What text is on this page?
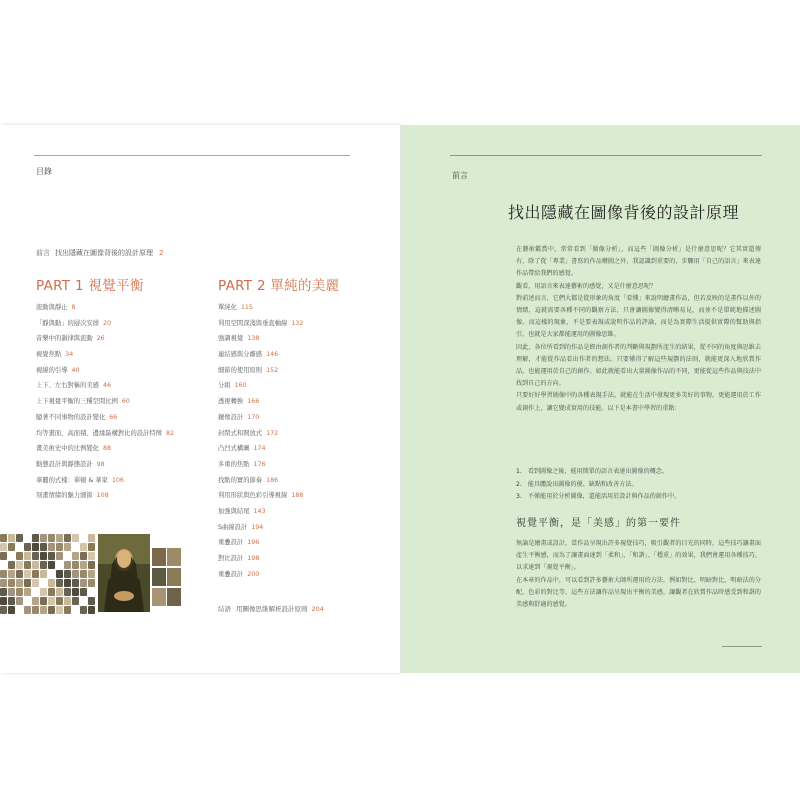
目錄
前言 找出隱藏在圖像背後的設計原理 2
PART 1 視覺平衡
流動與靜止 8
「靜與動」的層次安排 20
音樂中的韻律與流動 26
視覺焦點 34
視線的引導 40
上下、左右對稱的美感 46
上下視覺平衡的三種空間比例 60
隨著不同事物的設計變化 66
均等畫面、高面積、邊緣區構對比的設計特徵 82
畫美術史中的比例變化 88
動態設計與靜態設計 98
華麗的式樣：華頓 & 華家 106
刻畫情緒的魅力細節 108
PART 2 單純的美麗
單純化 115
利用空間深淺與垂直軸線 132
強調視覺 138
連結感與分離感 146
細節的使用原則 152
分組 160
透視轉換 166
鏡像設計 170
封閉式和開放式 172
凸凹式構圖 174
多重的焦點 176
找點的實的節奏 186
利用形狀與色彩引導視線 188
加強與結尾 143
S曲線設計 194
重疊設計 196
對比設計 198
重疊設計 200
結語 用圖像思維解析設計原則 204
前言
找出隱藏在圖像背後的設計原理

在藝術鑑賞中，常常看到「圖像分析」，而這些「圖像分析」是什麼意思呢？它其實還傳有，除了從「專業」書寫的作品構圖之外，我認識到重要的，步驟用「自己的語言」來表達作品帶給我們的感覺。

觀看，用語言來表達藝術的感覺，又是什麼意思呢？

對前述而言，它們大都是從形象的角度「看懂」來說明繪畫作品，但若反映的是畫作以外的情緒，這就需要各種不同的觀察方法，只會讓圖像變得清晰易見，而並不是單純地描述圖像。而這樣的現象，不是要表現或說明作品的評論，而是為實際生活提供實際的幫助與指引，也就是大家都能運用的圖像思維。

因此，各位所看到的作品是經由創作者的判斷與規劃所產生的結果，從不同的角度與思維去理解，才能從作品看出作者的想法。只要懂得了解這些規劃的法則，就能更深入地欣賞作品，也能運用於自己的創作。如此就能看出大量圖像作品的不同，更能從這些作品與技法中找到自己的方向。

只要好好學習圖像中的各種表現手法，就能在生活中發現更多美好的事物，更能運用於工作或創作上，讓它變成實用的技能。以下是本書中學習的重點：

1. 看到圖像之後，能用簡單的語言表達出圖像的概念。
2. 能具體說出圖像的優、缺點和改善方法。
3. 不僅能用於分析圖像，還能活用於設計與作品的創作中。
視覺平衡，是「美感」的第一要件

無論是繪畫或設計，當作品呈現出許多視覺技巧，吸引觀者的目光的同時，這些技巧讓畫面產生平衡感，而為了讓畫面達到「柔和」、「和諧」、「穩重」的效果，我們會運用各種技巧，以求達到「視覺平衡」。

在本章的作品中，可以看到許多藝術大師所運用的方法，例如對比、明暗對比、明暗法的分配、色彩的對比等，這些方法讓作品呈現出平衡的美感，讓觀者在欣賞作品時感受到和諧的美感與舒適的感覺。
